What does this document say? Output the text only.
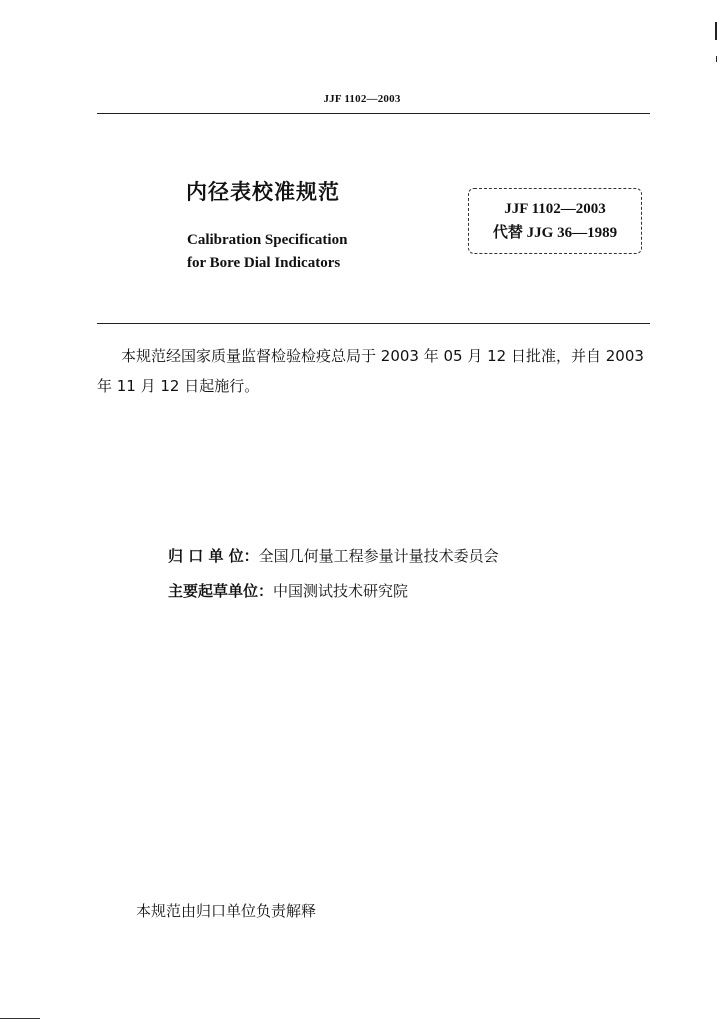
JJF 1102—2003
内径表校准规范
Calibration Specification
for Bore Dial Indicators
JJF 1102—2003
代替 JJG 36—1989
本规范经国家质量监督检验检疫总局于 2003 年 05 月 12 日批准，并自 2003 年 11 月 12 日起施行。
归 口 单 位：全国几何量工程参量计量技术委员会
主要起草单位：中国测试技术研究院
本规范由归口单位负责解释
